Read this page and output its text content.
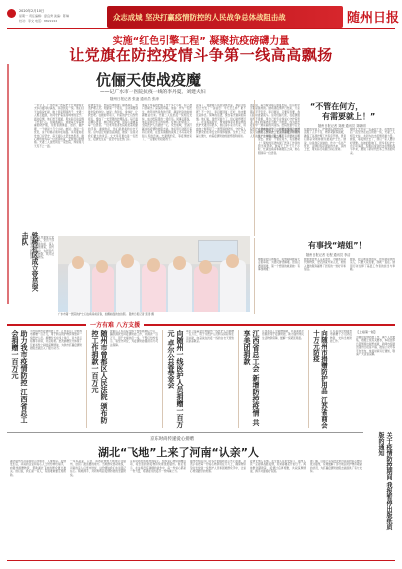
2020年2月10日
星期一 责任编辑：廖良秀 美编：陈琳
校对：李文 电话：8822222	众志成城 坚决打赢疫情防控的人民战争总体战阻击战	随州日报
实施“红色引擎工程” 凝聚抗疫磅礴力量
让党旗在防控疫情斗争第一线高高飘扬
伉俪天使战疫魔
——记广水市一医院抗疫一线的李丹夏、刘建夫妇
随州日报记者 张凌 通讯员 张涛
一声令下，广水市第一医院护士长刘建和丈夫李丹夏同时请战，奔赴抗疫一线。他们白天在病房忙碌，晚上回家照顾孩子，夫妻二人相互鼓励，共同守护着这座城市的安宁。面对疫情，他们毫不退缩，用实际行动诠释了医者仁心。在隔离病区，刘建每天穿着厚重的防护服，为患者测体温、送药、做护理，一干就是十几个小时。她说：我是一名党员，这个时候必须冲在前面。李丹夏则在发热门诊坚守，每天接诊大量发热患者，耐心细致地为每一位患者检查，安抚他们的情绪。夫妻二人虽然同在一家医院，却常常几天见不上一面。
疫情发生后，医院迅速组建了隔离病区，急需护理人员。刘建第一个报名，主动请缨到最危险的岗位。她说：我年轻，身体好，让我去吧。在她的带动下，科室的护士们纷纷报名，组成了一支坚强的护理队伍。每天面对确诊患者，她们细心护理，用爱心温暖着每一位患者。一位老年患者出院时拉着刘建的手说：谢谢你们，你们是最美的白衣天使。这句话让刘建泪流满面，她说：这是对我们最大的肯定。丈夫李丹夏也是一名医生，疫情发生后一直坚守在发热门诊。
他每天穿着防护服工作十多个小时，脸上被口罩勒出了深深的印痕。他说：作为一名医生，救死扶伤是我的天职，越是危险的时候越要站出来。夫妻二人在抗疫一线相互支持，成为医院里的一段佳话。同事们都说，他们是我们学习的榜样。在他们的带领下，全院医护人员团结一心，众志成城，坚决打赢这场疫情防控阻击战。他们用行动践行着初心使命，在没有硝烟的战场上书写着对党和人民的忠诚。夫妻俩约定，等疫情结束了，一定要好好陪陪孩子。
夜深了，刘建刚下班回到休息室，拿起手机给丈夫发了一条信息：今天怎么样？累不累？不一会儿，李丹夏回复：还好，你也要注意休息。简单的话语，饱含着夫妻间的深情。他们说，虽然见面少了，但心贴得更近了。在这场战疫中，像刘建和李丹夏这样的医护夫妻还有很多，他们舍小家为大家，用血肉之躯筑起了一道坚固的防线，守护着人民群众的生命安全和身体健康。全市上下正凝心聚力，向着疫情防控的最终胜利前进。
刘建说，每当看到病人康复出院，所有的辛苦都是值得的。她希望疫情早日结束，大家都能平平安安。李丹夏说，只要有需要，我们随时准备战斗。这对伉俪天使，在疫情面前毫不畏惧，用自己的专业和爱心守护着患者。他们的事迹在当地广为传颂，成为抗击疫情中一道亮丽的风景线。医院党委号召全院医护人员向他们学习，以更加饱满的热情投入到抗疫工作中去，坚决打赢疫情防控的人民战争、总体战、阻击战。
“不管在何方，
有需要就上！”
随州日报记者 刘薇 通讯员 刘晓明
疫情就是命令，防控就是责任。随州市中心医院护士长主动请缨，带领科室护士冲锋在前，哪里有需要就到哪里去。她说：不管在何方，有需要就上！简短的话语体现了医务工作者的担当和使命。她每天工作十几个小时，忙碌在病房和隔离区之间，细心照顾每一位患者。
在她的带领下，护理团队团结协作，克服了人手不足、物资紧缺等困难，确保了各项护理工作有序开展。患者们都亲切地称她为最美护士长。她说，这是我应该做的，作为一名共产党员，关键时刻必须站得出来、顶得上去，用实际行动践行初心使命。
她的丈夫也是一名基层干部，疫情发生后一直坚守在社区防控一线，夫妻二人相互支持，共同为抗击疫情贡献力量。她说，等疫情过去了，我们一家人要好好团聚。在她的影响下，很多年轻护士也主动请战，积极投身到抗击疫情的战斗中来，展现了新时代医务工作者的风采。
铁树社区成立党员突击队
铁树社区党委成立党员突击队，党员干部带头冲锋在前，深入小区开展排查，宣传防控知识，为居民代购生活物资，筑牢社区防控防线。
广水市第一医院的护士们在病房前宣誓，拍摄前面的自拍照。 随州日报记者 张涛 摄
有事找“靖姐”！
随州日报记者 毛程 通讯员 李洁
靖姐是社区网格员，疫情期间她每天走街串巷，为居民排忧解难。居民们遇到困难，第一个想到的就是她：有事找靖姐！
她帮独居老人买菜送药，为隔离家庭代购物资，登记排查外来人员，细致入微的服务赢得了居民的一致好评和信任。
她说，社区就是我的家，居民就是我的亲人，只要大家需要，我就一直在。她用行动诠释了基层工作者的担当与奉献。
一方有难 八方支援
助力我市疫情防控 江西省总工会捐赠一百万元 为支持我市疫情防控工作，江西省总工会向我市捐赠一百万元，用于购买防护物资和慰问一线医护人员。捐赠仪式在线上举行，双方表示将携手并肩，共克时艰。此次捐赠充分体现了兄弟省份之间的深厚情谊，为我市打赢疫情防控阻击战注入了强大动力。	随州市曾都区人民法院 颁布防控工作捐款一百万元 曾都区人民法院全体干警积极响应号召，踊跃捐款支持疫情防控工作，共捐款一百万元，用于支援抗疫一线。干警们纷纷表示，将坚守岗位，为疫情防控提供有力司法保障。	向随州一线医护人员捐赠一百万元 卓尔公益基金会 卓尔公益基金会向随州一线医护人员捐赠一百万元，用于为医护人员购买保险和生活补助，向奋战在抗疫一线的白衣天使致以崇高敬意。	江西省总工会 新增防控疫情 共享美团捐款 江西省总工会新增捐助，共享美团平台捐款用于疫情防控，助力随州市民生活物资保障，缓解一线紧张局面。	向随州市捐赠防护用品 江苏省商会 十万元防疫 江苏省商会向随州市捐赠十万元防疫物资，支持当地防控工作。	【上接第一版】
为做好疫情防控工作，减少人员聚集，根据上级有关要求，本报自即日起暂停出版纸质版，新闻内容通过随州日报客户端、微信公众号等平台发布，恢复时间另行通知，敬请广大读者谅解。
关于疫情防控期间 我报暂停出版纸质版的通知
京东时尚传递爱心捐赠
湖北“飞地”上来了河南“认亲”人
湖北随州与河南信阳山水相连、人缘相亲。疫情发生后，河南的企业和爱心人士纷纷伸出援手，向随州捐赠物资，帮助湖北飞地的群众渡过难关。他们说，我们是一家人，有困难就要互相帮助。
一车车蔬菜、口罩、消毒液源源不断地运往随州，送到了最需要的地方。当地群众感动地说，河南的亲人们雪中送炭，这份情谊我们永远铭记在心。两地携手，共同构筑起疫情防控的坚固防线。
京东时尚也积极传递爱心，组织爱心物资捐赠活动，将急需的防疫物资快速送抵随州。他们表示，在这场没有硝烟的战争中，每一份爱心都是一份力量，希望能为抗疫尽一份绵薄之力。
随州市相关部门对各方的援助表示衷心感谢，并表示将把每一份爱心物资用在刀刃上，确保物资及时发放到一线医护人员和困难群众手中，让爱心得到最好的传递。
疫情无情人有情。在全国人民的支持下，随州人民一定能够战胜疫情，迎来春暖花开的日子。两地群众期盼着，疫情过后再相聚，共叙深厚情谊，携手共建美好家园。
据了解，目前已有多批次来自河南的爱心物资抵达随州，有效缓解了部分地区防护物资紧缺的状况，为打赢疫情防控阻击战提供了有力支持。
